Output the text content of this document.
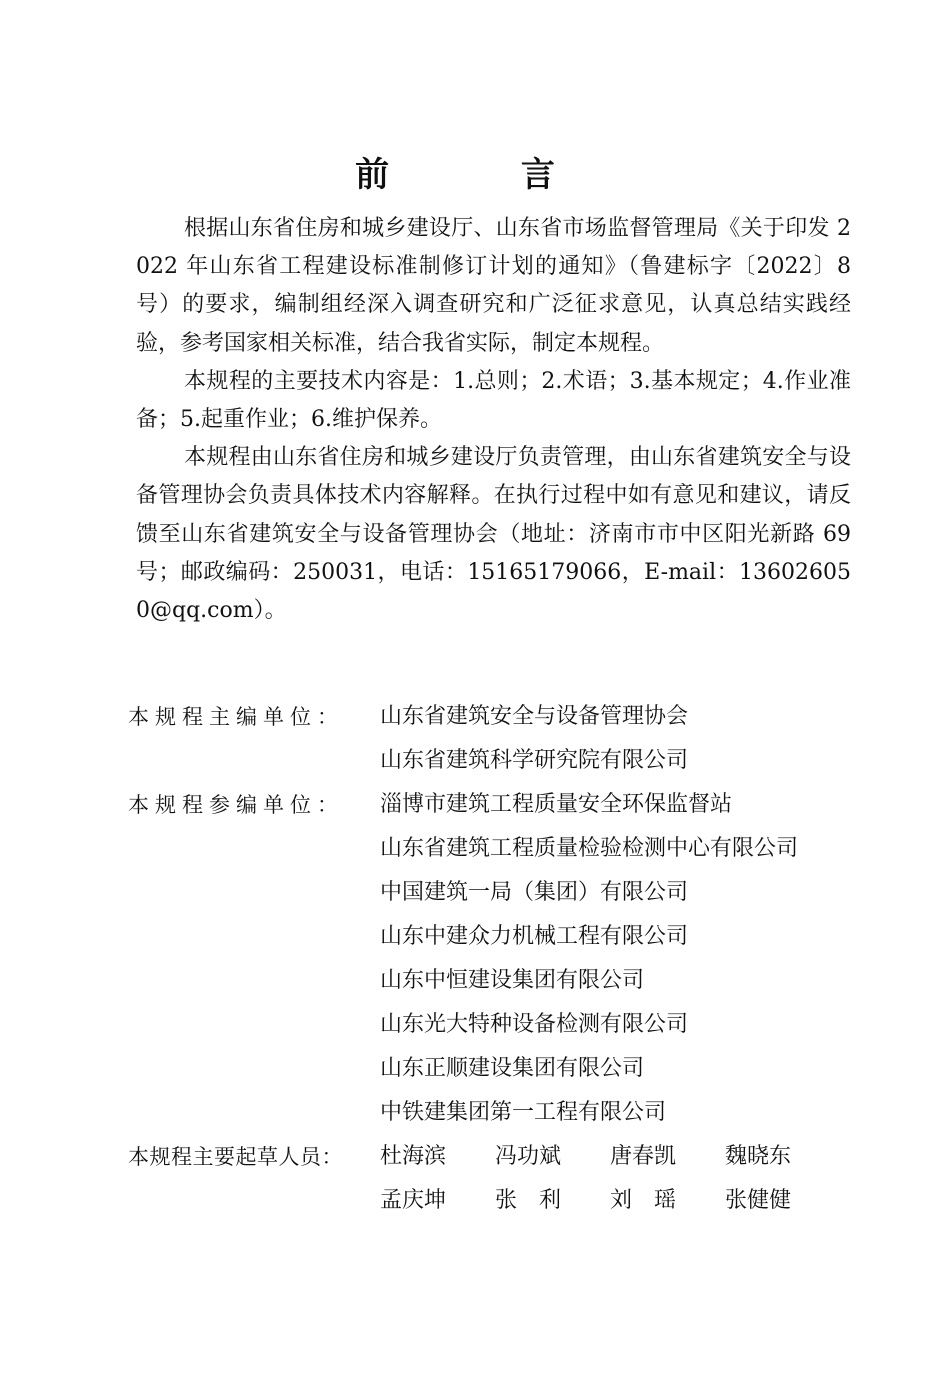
前 言

根据山东省住房和城乡建设厅、山东省市场监督管理局《关于印发 2022 年山东省工程建设标准制修订计划的通知》（鲁建标字〔2022〕8 号）的要求，编制组经深入调查研究和广泛征求意见，认真总结实践经验，参考国家相关标准，结合我省实际，制定本规程。

本规程的主要技术内容是：1.总则；2.术语；3.基本规定；4.作业准备；5.起重作业；6.维护保养。

本规程由山东省住房和城乡建设厅负责管理，由山东省建筑安全与设备管理协会负责具体技术内容解释。在执行过程中如有意见和建议，请反馈至山东省建筑安全与设备管理协会（地址：济南市市中区阳光新路 69 号；邮政编码：250031，电话：15165179066，E-mail：136026050@qq.com）。

本规程主编单位：	山东省建筑安全与设备管理协会
山东省建筑科学研究院有限公司
本规程参编单位：	淄博市建筑工程质量安全环保监督站
山东省建筑工程质量检验检测中心有限公司
中国建筑一局（集团）有限公司
山东中建众力机械工程有限公司
山东中恒建设集团有限公司
山东光大特种设备检测有限公司
山东正顺建设集团有限公司
中铁建集团第一工程有限公司
本规程主要起草人员：	杜海滨	冯功斌	唐春凯	魏晓东
孟庆坤	张利	刘瑶	张健健
